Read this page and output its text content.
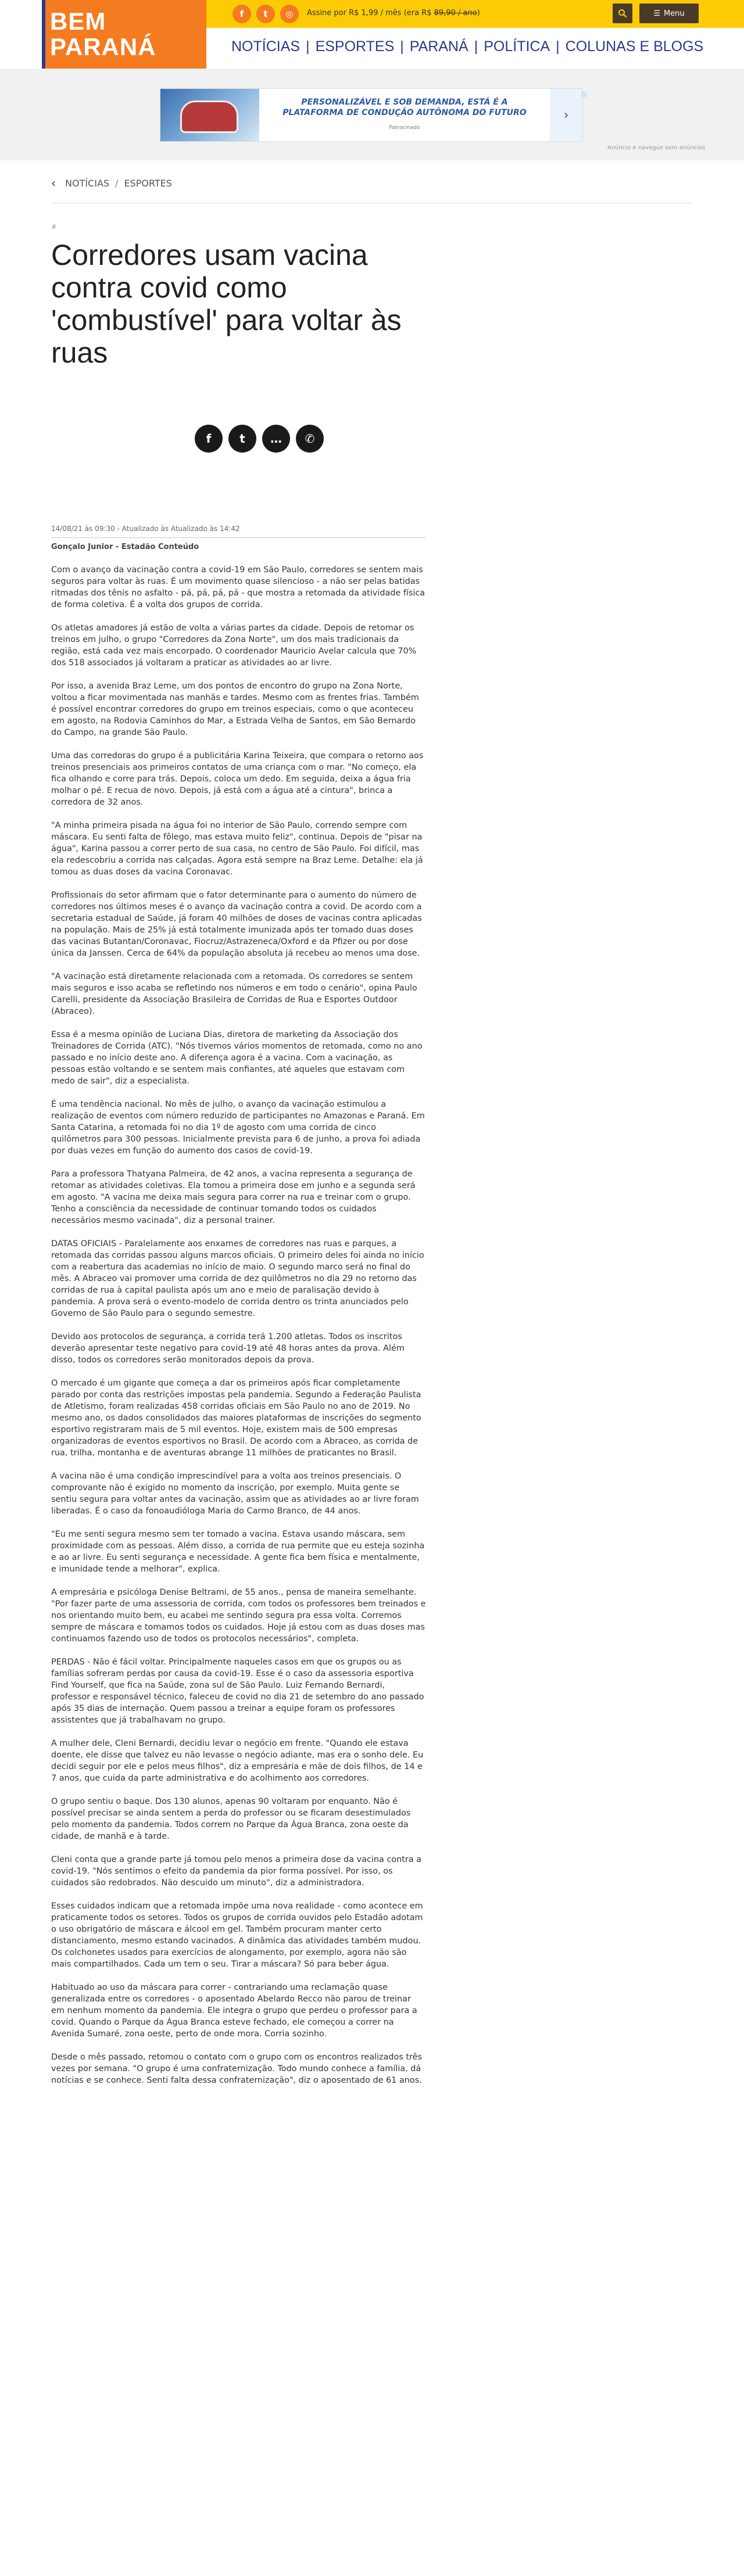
BEM
PARANÁ
f	t	◎	Assine por R$ 1,99 / mês (era R$ 89,90 / ano)	☰ Menu
NOTÍCIAS | ESPORTES | PARANÁ | POLÍTICA | COLUNAS E BLOGS
PERSONALIZÁVEL E SOB DEMANDA, ESTÁ É A
PLATAFORMA DE CONDUÇÃO AUTÔNOMA DO FUTURO
Patrocinado
›
ⓘ
Anúncio e navegue sem anúncios
‹ NOTÍCIAS / ESPORTES
#
Corredores usam vacina contra covid como 'combustível' para voltar às ruas
f	t	…	✆
14/08/21 às 09:30 - Atualizado às Atualizado às 14:42
Gonçalo Junior - Estadão Conteúdo

Com o avanço da vacinação contra a covid-19 em São Paulo, corredores se sentem mais seguros para voltar às ruas. É um movimento quase silencioso - a não ser pelas batidas ritmadas dos tênis no asfalto - pá, pá, pá, pá - que mostra a retomada da atividade física de forma coletiva. É a volta dos grupos de corrida.

Os atletas amadores já estão de volta a várias partes da cidade. Depois de retomar os treinos em julho, o grupo "Corredores da Zona Norte", um dos mais tradicionais da região, está cada vez mais encorpado. O coordenador Mauricio Avelar calcula que 70% dos 518 associados já voltaram a praticar as atividades ao ar livre.

Por isso, a avenida Braz Leme, um dos pontos de encontro do grupo na Zona Norte, voltou a ficar movimentada nas manhãs e tardes. Mesmo com as frentes frias. Também é possível encontrar corredores do grupo em treinos especiais, como o que aconteceu em agosto, na Rodovia Caminhos do Mar, a Estrada Velha de Santos, em São Bernardo do Campo, na grande São Paulo.

Uma das corredoras do grupo é a publicitária Karina Teixeira, que compara o retorno aos treinos presenciais aos primeiros contatos de uma criança com o mar. "No começo, ela fica olhando e corre para trás. Depois, coloca um dedo. Em seguida, deixa a água fria molhar o pé. E recua de novo. Depois, já está com a água até a cintura", brinca a corredora de 32 anos.

"A minha primeira pisada na água foi no interior de São Paulo, correndo sempre com máscara. Eu senti falta de fôlego, mas estava muito feliz", continua. Depois de "pisar na água", Karina passou a correr perto de sua casa, no centro de São Paulo. Foi difícil, mas ela redescobriu a corrida nas calçadas. Agora está sempre na Braz Leme. Detalhe: ela já tomou as duas doses da vacina Coronavac.

Profissionais do setor afirmam que o fator determinante para o aumento do número de corredores nos últimos meses é o avanço da vacinação contra a covid. De acordo com a secretaria estadual de Saúde, já foram 40 milhões de doses de vacinas contra aplicadas na população. Mais de 25% já está totalmente imunizada após ter tomado duas doses das vacinas Butantan/Coronavac, Fiocruz/Astrazeneca/Oxford e da Pfizer ou por dose única da Janssen. Cerca de 64% da população absoluta já recebeu ao menos uma dose.

"A vacinação está diretamente relacionada com a retomada. Os corredores se sentem mais seguros e isso acaba se refletindo nos números e em todo o cenário", opina Paulo Carelli, presidente da Associação Brasileira de Corridas de Rua e Esportes Outdoor (Abraceo).

Essa é a mesma opinião de Luciana Dias, diretora de marketing da Associação dos Treinadores de Corrida (ATC). "Nós tivemos vários momentos de retomada, como no ano passado e no início deste ano. A diferença agora é a vacina. Com a vacinação, as pessoas estão voltando e se sentem mais confiantes, até aqueles que estavam com medo de sair", diz a especialista.

É uma tendência nacional. No mês de julho, o avanço da vacinação estimulou a realização de eventos com número reduzido de participantes no Amazonas e Paraná. Em Santa Catarina, a retomada foi no dia 1º de agosto com uma corrida de cinco quilômetros para 300 pessoas. Inicialmente prevista para 6 de junho, a prova foi adiada por duas vezes em função do aumento dos casos de covid-19.

Para a professora Thatyana Palmeira, de 42 anos, a vacina representa a segurança de retomar as atividades coletivas. Ela tomou a primeira dose em junho e a segunda será em agosto. "A vacina me deixa mais segura para correr na rua e treinar com o grupo. Tenho a consciência da necessidade de continuar tomando todos os cuidados necessários mesmo vacinada", diz a personal trainer.

DATAS OFICIAIS - Paralelamente aos enxames de corredores nas ruas e parques, a retomada das corridas passou alguns marcos oficiais. O primeiro deles foi ainda no início com a reabertura das academias no início de maio. O segundo marco será no final do mês. A Abraceo vai promover uma corrida de dez quilômetros no dia 29 no retorno das corridas de rua à capital paulista após um ano e meio de paralisação devido à pandemia. A prova será o evento-modelo de corrida dentro os trinta anunciados pelo Governo de São Paulo para o segundo semestre.

Devido aos protocolos de segurança, a corrida terá 1.200 atletas. Todos os inscritos deverão apresentar teste negativo para covid-19 até 48 horas antes da prova. Além disso, todos os corredores serão monitorados depois da prova.

O mercado é um gigante que começa a dar os primeiros após ficar completamente parado por conta das restrições impostas pela pandemia. Segundo a Federação Paulista de Atletismo, foram realizadas 458 corridas oficiais em São Paulo no ano de 2019. No mesmo ano, os dados consolidados das maiores plataformas de inscrições do segmento esportivo registraram mais de 5 mil eventos. Hoje, existem mais de 500 empresas organizadoras de eventos esportivos no Brasil. De acordo com a Abraceo, as corrida de rua, trilha, montanha e de aventuras abrange 11 milhões de praticantes no Brasil.

A vacina não é uma condição imprescindível para a volta aos treinos presenciais. O comprovante não é exigido no momento da inscrição, por exemplo. Muita gente se sentiu segura para voltar antes da vacinação, assim que as atividades ao ar livre foram liberadas. É o caso da fonoaudióloga Maria do Carmo Branco, de 44 anos.

"Eu me senti segura mesmo sem ter tomado a vacina. Estava usando máscara, sem proximidade com as pessoas. Além disso, a corrida de rua permite que eu esteja sozinha e ao ar livre. Eu senti segurança e necessidade. A gente fica bem física e mentalmente, e imunidade tende a melhorar", explica.

A empresária e psicóloga Denise Beltrami, de 55 anos., pensa de maneira semelhante. "Por fazer parte de uma assessoria de corrida, com todos os professores bem treinados e nos orientando muito bem, eu acabei me sentindo segura pra essa volta. Corremos sempre de máscara e tomamos todos os cuidados. Hoje já estou com as duas doses mas continuamos fazendo uso de todos os protocolos necessários", completa.

PERDAS - Não é fácil voltar. Principalmente naqueles casos em que os grupos ou as famílias sofreram perdas por causa da covid-19. Esse é o caso da assessoria esportiva Find Yourself, que fica na Saúde, zona sul de São Paulo. Luiz Fernando Bernardi, professor e responsável técnico, faleceu de covid no dia 21 de setembro do ano passado após 35 dias de internação. Quem passou a treinar a equipe foram os professores assistentes que já trabalhavam no grupo.

A mulher dele, Cleni Bernardi, decidiu levar o negócio em frente. "Quando ele estava doente, ele disse que talvez eu não levasse o negócio adiante, mas era o sonho dele. Eu decidi seguir por ele e pelos meus filhos", diz a empresária e mãe de dois filhos, de 14 e 7 anos, que cuida da parte administrativa e do acolhimento aos corredores.

O grupo sentiu o baque. Dos 130 alunos, apenas 90 voltaram por enquanto. Não é possível precisar se ainda sentem a perda do professor ou se ficaram desestimulados pelo momento da pandemia. Todos correm no Parque da Água Branca, zona oeste da cidade, de manhã e à tarde.

Cleni conta que a grande parte já tomou pelo menos a primeira dose da vacina contra a covid-19. "Nós sentimos o efeito da pandemia da pior forma possível. Por isso, os cuidados são redobrados. Não descuido um minuto", diz a administradora.

Esses cuidados indicam que a retomada impõe uma nova realidade - como acontece em praticamente todos os setores. Todos os grupos de corrida ouvidos pelo Estadão adotam o uso obrigatório de máscara e álcool em gel. Também procuram manter certo distanciamento, mesmo estando vacinados. A dinâmica das atividades também mudou. Os colchonetes usados para exercícios de alongamento, por exemplo, agora não são mais compartilhados. Cada um tem o seu. Tirar a máscara? Só para beber água.

Habituado ao uso da máscara para correr - contrariando uma reclamação quase generalizada entre os corredores - o aposentado Abelardo Recco não parou de treinar em nenhum momento da pandemia. Ele integra o grupo que perdeu o professor para a covid. Quando o Parque da Água Branca esteve fechado, ele começou a correr na Avenida Sumaré, zona oeste, perto de onde mora. Corria sozinho.

Desde o mês passado, retomou o contato com o grupo com os encontros realizados três vezes por semana. "O grupo é uma confraternização. Todo mundo conhece a família, dá notícias e se conhece. Senti falta dessa confraternização", diz o aposentado de 61 anos.
